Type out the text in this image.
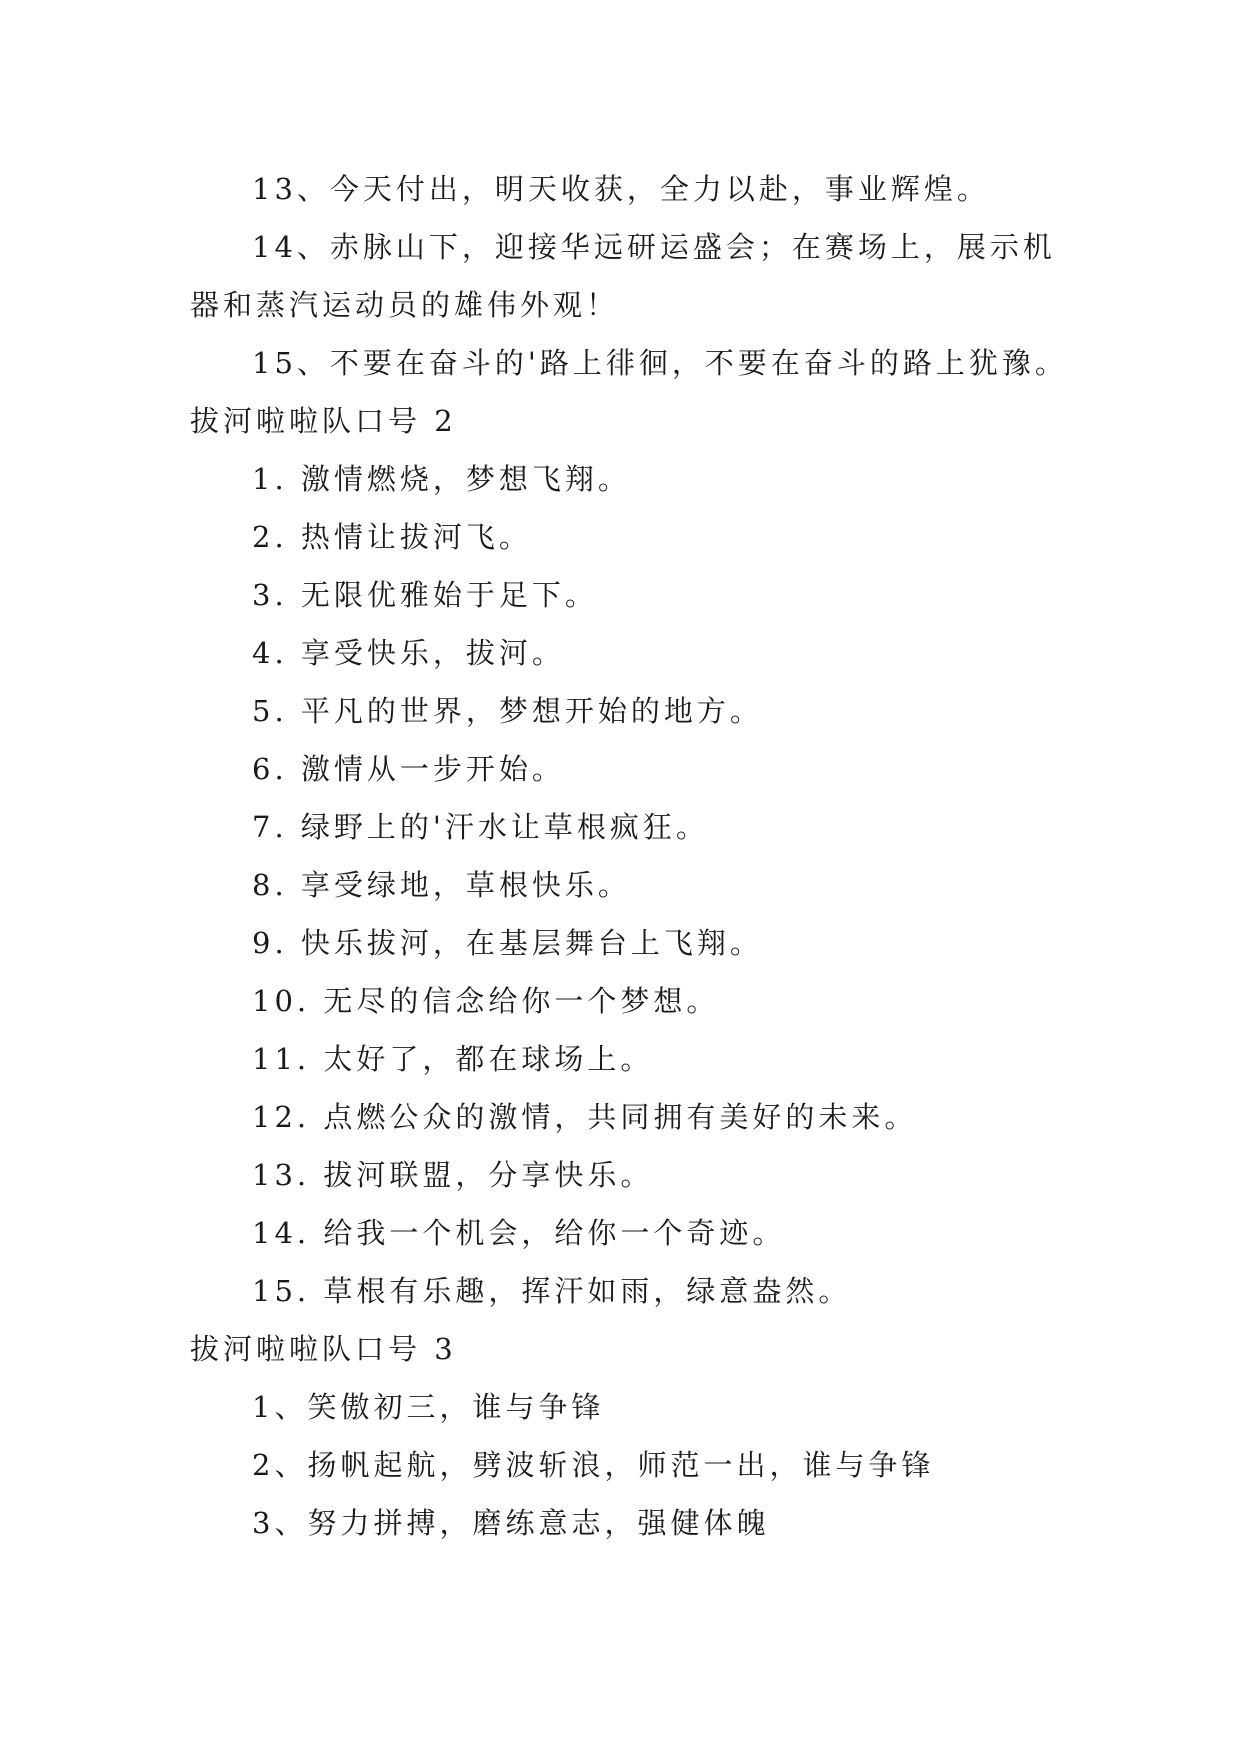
13、今天付出，明天收获，全力以赴，事业辉煌。

14、赤脉山下，迎接华远研运盛会；在赛场上，展示机器和蒸汽运动员的雄伟外观！

15、不要在奋斗的'路上徘徊，不要在奋斗的路上犹豫。

拔河啦啦队口号 2

1. 激情燃烧，梦想飞翔。

2. 热情让拔河飞。

3. 无限优雅始于足下。

4. 享受快乐，拔河。

5. 平凡的世界，梦想开始的地方。

6. 激情从一步开始。

7. 绿野上的'汗水让草根疯狂。

8. 享受绿地，草根快乐。

9. 快乐拔河，在基层舞台上飞翔。

10. 无尽的信念给你一个梦想。

11. 太好了，都在球场上。

12. 点燃公众的激情，共同拥有美好的未来。

13. 拔河联盟，分享快乐。

14. 给我一个机会，给你一个奇迹。

15. 草根有乐趣，挥汗如雨，绿意盎然。

拔河啦啦队口号 3

1、笑傲初三，谁与争锋

2、扬帆起航，劈波斩浪，师范一出，谁与争锋

3、努力拼搏，磨练意志，强健体魄
